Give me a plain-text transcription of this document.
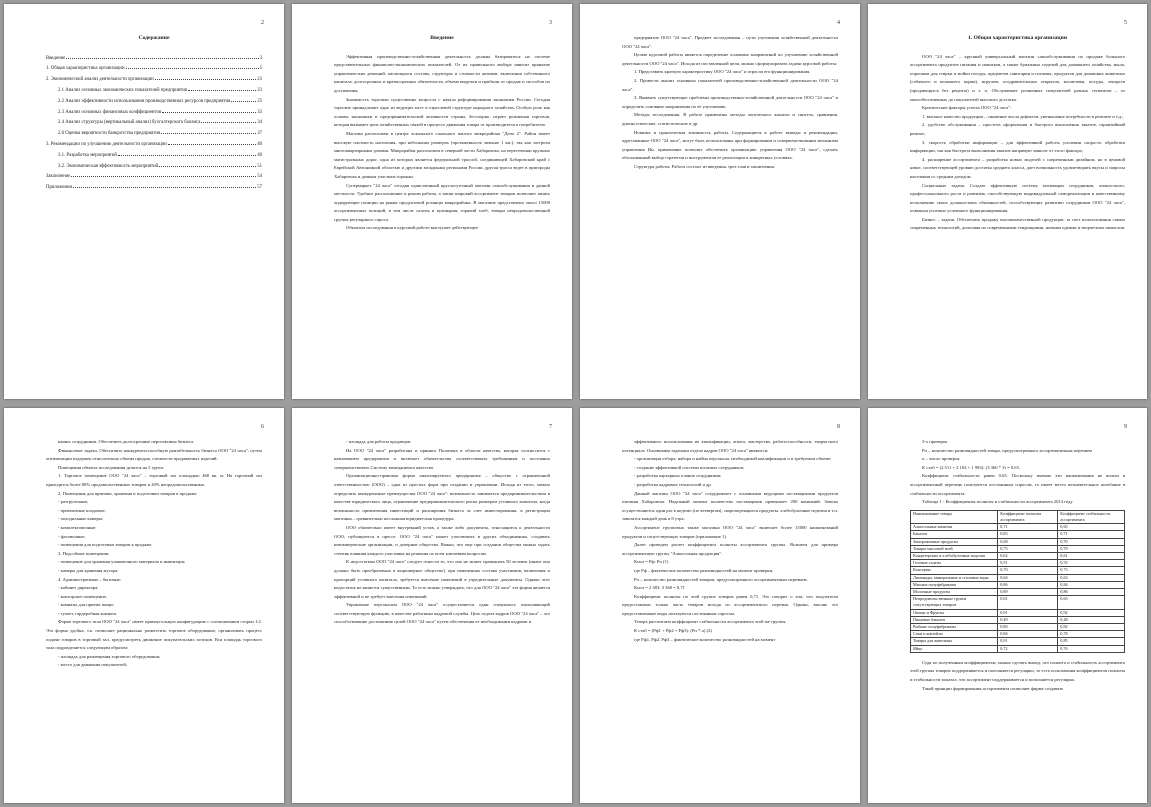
2
Содержание
Введение	3
1. Общая характеристика организации	5
2. Экономический анализ деятельности организации	23
2.1 Анализ основных экономических показателей предприятия	23
2.2 Анализ эффективности использования производственных ресурсов предприятия	25
2.3 Анализ основных финансовых коэффициентов	33
2.4 Анализ структуры (вертикальный анализ) бухгалтерского баланса	34
2.6 Оценка вероятности банкротства предприятия	37
3. Рекомендации по улучшению деятельности организации	40
3.1. Разработка мероприятий	40
3.2. Экономическая эффективность мероприятий	51
Заключение	54
Приложения	57
3
Введение

Эффективная производственно-хозяйственная деятельность должна базироваться на системе представительных финансово-экономических показателей. От их правильного выбора зависит принятие управленческих решений, касающихся состава, структуры и стоимости активов, включения собственного капитала, долгосрочных и краткосрочных обязательств, объема выручки и прибыли от продаж и способов их достижения.

Значимость торговли существенно возросла с начала реформирования экономики России. Сегодня торговле принадлежит одно из ведущих мест в отраслевой структуре народного хозяйства. Особую роль как основы экономики и предпринимательской активности страны, бесспорно, играет розничная торговля, которая вызывает цепь хозяйственных связей в процессе движения товара от производителя к потребителю.

Магазин расположен в центре локального спального жилого микрорайона "Депо 2". Район имеет высокую плотность населения, при небольших размерах (протяженность меньше 1 км.), так как застроен многоквартирными домами. Микрорайон расположен в северной части Хабаровска, на пересечении крупных магистральных дорог, одна из которых является федеральной трассой, соединяющей Хабаровский край с Еврейской Автономной областью и другими западными регионами России, другая трасса ведет в пригороды Хабаровска и дачным участкам горожан.

Супермаркет "24 часа" сегодня единственный круглосуточный магазин самообслуживания в данной местности. Удобное расположение и режим работы, а также широкий ассортимент товаров позволяет занять лидирующие позиции на рынке продуктовой розницы микрорайона. В магазине представлено около 15000 ассортиментных позиций, в том числе салаты и кулинария, горячий хлеб, товары непродовольственной группы регулярного спроса.

Объектом исследования в курсовой работе выступает действующее

4

предприятие ООО "24 часа". Предмет исследования – пути улучшения хозяйственной деятельности ООО "24 часа".

Целью курсовой работы является определение основных направлений по улучшению хозяйственной деятельности ООО "24 часа". Исходя из поставленной цели, можно сформулировать задачи курсовой работы:

1. Представить краткую характеристику ООО "24 часа" и отрасли его функционирования.

2. Провести анализ основных показателей производственно-хозяйственной деятельности ООО "24 часа".

3. Выявить существующие проблемы производственно-хозяйственной деятельности ООО "24 часа" и определить основные направления по ее улучшению.

Методы исследования. В работе применены методы логического анализа и синтеза, сравнения, диагностические, статистические и др.

Новизна и практическая значимость работы. Содержащиеся в работе выводы и рекомендации, адресованные ООО "24 часа", могут быть использованы при формировании и совершенствовании механизма управления Ин. применение позволит обеспечить организацию управления ООО "24 часа", сделать обоснованный выбор стратегии и инструментов ее реализации в конкретных условиях.

Структура работы. Работа состоит из введения, трех глав и заключения.

5
1. Общая характеристика организации

ООО "24 часа" – крупный универсальный магазин самообслуживания по продаже большого ассортимента продуктов питания и напитков, а также бумажных изделий для домашнего хозяйства, мыла, порошков для стирки и мойки посуды, предметов санитарии и гигиены, продуктов для домашних животных (собачьего и кошачьего корма), игрушек, поздравительных открыток, косметики, посуды, лекарств (продающихся без рецепта) и т. п. Обслуживает розничных покупателей разных сегментов – от малообеспеченных до покупателей высокого достатка.

Критические факторы успеха ООО "24 часа":

1. высокое качество продукции – снижение числа дефектов, уменьшение потребности в ремонте и т.д.;

2. удобство обслуживания – простота оформления и быстрота выполнения заказов, гарантийный ремонт;

3. скорость обработки информации – для эффективной работы усиления скорость обработки информации, так как быстрота выполнения заказов напрямую зависит от этого фактора;

4. расширение ассортимента – разработка новых моделей с современным дизайном, но в ценовой нише, соответствующей уровню достатка среднего класса, дает возможность удовлетворять вкусы и запросы населения со средним доходом.

Социальные задачи. Создать эффективную систему мотивации сотрудников, личностного, профессионального роста и развития, способствующую индивидуальной самореализации и качественному исполнению своих должностных обязанностей, способствующих развитию сотрудников ООО "24 часа", повышая успешно успешного функционирования.

Бизнес – задачи. Обеспечить продажу высококачественной продукции, за счет использования самых современных технологий, дополняя их современными тенденциями, новыми идеями и творческим замыслом

6

наших сотрудников. Обеспечить долгосрочные перспективы бизнеса.

Финансовые задачи. Обеспечить конкурентоспособную рентабельность бизнеса ООО "24 часа", путем оптимизации издержек относительно объема продаж, стоимости продаваемых изделий.

Помещения объекта исследования делятся на 5 групп:

1. Торговое помещение ООО "24 часа" – торговый зал площадью 468 кв. м. На торговый зал приходится более 80% продовольственных товаров и 20% непродовольственных.

2. Помещения для приемки, хранения и подготовки товаров к продаже:

- разгрузочные;

- приемочные кладовые;

- холодильные камеры;

- комплектовочные;

- фасовочные;

- помещения для подготовки товаров к продаже.

3. Подсобные помещения:

- помещение для хранения упаковочного материала и инвентаря;

- камеры для хранения мусора.

4. Административно – бытовые:

- кабинет директора;

- конторское помещение;

- комнаты для приема пищи;

- туалет, гардеробная комната.

Форма торгового зала ООО "24 часа" имеет прямоугольную конфигурацию с соотношением сторон 1:2. Эта форма удобна, т.к. позволяет рационально разместить торговое оборудование, организовать процесс подачи товаров в торговый зал, предусмотреть движение покупательских потоков. Вся площадь торгового зала подразделяется следующим образом:

- площадь для размещения торгового оборудования;

- место для движения покупателей;

7

- площадь для работы продавцов.

На ООО "24 часа" разработана и принята Политика в области качества, которая соотносится с назначением предприятия и включает обязательства соответствовать требованиям и постоянно совершенствовать Систему менеджмента качества.

Организационно-правовая форма анализируемого предприятия – общество с ограниченной ответственностью (ООО) – одна из простых форм при создании и управлении. Исходя из этого, можно определить конкурентные преимущества ООО "24 часа": возможность заниматься предпринимательством в качестве юридического лица, ограничение предпринимательского риска размером уставного капитала, когда возможность привлечения инвестиций и расширения бизнеса за счет инвестирования, в регистрации магазина – сравнительно несложная юридическая процедура.

ООО обязательно имеет внутренний устав, а также либо документы, относящиеся к деятельности ООО, публикуются в прессе. ООО "24 часа" может участвовать в других объединениях, создавать некоммерческие организации, и дочерние общества. Важно, что еще при создании общества можно задать степень влияния каждого участника на решения по всем ключевым вопросам.

К недостаткам ООО "24 часа" следует отнести то, что оно не может превышать 50 человек (иначе оно должно быть преобразовано в акционерное общество), при изменениях состава участников, включения и пропорций уставного капитала, требуется внесение изменений в учредительные документы. Однако этот недостаток не является существенным. То есть можно утверждать, что для ООО "24 часа" эта форма является эффективной и не требует внесения изменений.

Управление персоналом ООО "24 часа" осуществляется один специалист, выполняющий соответствующую функцию, в качестве работника кадровой службы. Цель отдела кадров ООО "24 часа" – это способствование достижению целей ООО "24 часа" путем обеспечения ее необходимыми кадрами и

8

эффективного использования их квалификации, опыта, мастерства, работоспособности, творческого потенциала. Основными задачами отдела кадров ООО "24 часа" являются:

- организация отбора, набора и найма персонала, необходимой квалификации и в требуемом объеме;

- создание эффективной системы штатных сотрудников;

- разработка карьерных планов сотрудников;

- разработка кадровых технологий и др.

Данный магазин ООО "24 часа" сотрудничает с основными ведущими поставщиками продуктов питания Хабаровска. Надежный момент количество поставщиков превышает 200 компаний. Завозы осуществляются один раз в неделю (по четвергам), скоропортящиеся продукты, хлебобулочные изделия и т.п. завозятся каждый день в 8 утра.

Ассортимент групповых также магазина ООО "24 часа" включает более 15000 наименований продуктов и сопутствующих товаров (приложение 1).

Далее проведем расчет коэффициента полноты ассортимента группы. Возьмем для примера ассортиментную группу "Алкогольная продукция".

Кпол = Рф: Рп (1)

где Рф – фактическое количество разновидностей на момент проверки,

Рп – количество разновидностей товаров, предусмотренного ассортиментным перечнем.

Кпол = 2 383: 3 360 = 0,71

Коэффициент полноты по этой группе товаров равен 0,71. Это говорит о том, что покупатели предоставлено только часть товаров исходя из ассортиментного перечня. Однако, вполне это предоставленные виды пользуются постоянным спросом.

Теперь рассчитаем коэффициент стабильности ассортимента этой же группы.

К стаб = (Рф1 + Рф2 + Рф3): (Рп * п) (2)

где Рф1, Рф2, Рф3 – фактическое количество разновидностей на момент

9

3-х проверок

Рп – количество разновидностей товара, предусмотренного ассортиментным перечнем

п – число проверок

К стаб = (2 511 + 2 104 + 1 983): (3 360 * 3) = 0,65.

Коэффициент стабильности равен 0,65. Поскольку именно эти наименования не вошли в ассортиментный перечень пользуются постоянным спросом, то имеет место незначительное колебание в стабильности ассортимента.

Таблица 1 - Коэффициенты полноты и стабильности ассортимента 2014 году

Наименование товара	Коэффициент полноты ассортимента	Коэффициент стабильности ассортимента
Алкогольные напитки	0,71	0,65
Бакалея	0,83	0,71
Замороженные продукты	0,68	0,70
Товары массовой всей	0,75	0,79
Кондитерские и хлебобулочные изделия	0,62	0,61
Готовые салаты	0,51	0,55
Консервы	0,70	0,73
Лимонады, минеральные и столовые воды	0,64	0,63
Мясные полуфабрикаты	0,86	0,84
Молочные продукты	0,89	0,86
Непродовольственные группа сопутствующих товаров	0,61	0,63
Овощи и Фрукты	0,91	0,92
Пищевые бакалея	0,49	0,48
Рыбные полуфабрикаты	0,80	0,82
Соки и коктейли	0,84	0,78
Товары для животных	0,91	0,85
Яйцо	0,72	0,76

Судя по полученным коэффициентам, можно сделать вывод, что полнота и стабильность ассортимента этой группы товаров поддерживается и пополняется регулярно, то есть пользования коэффициентов полноты и стабильности показал, что ассортимент поддерживается и пополняется регулярно.

Такой принцип формирования ассортимента позволяет фирме создавать
